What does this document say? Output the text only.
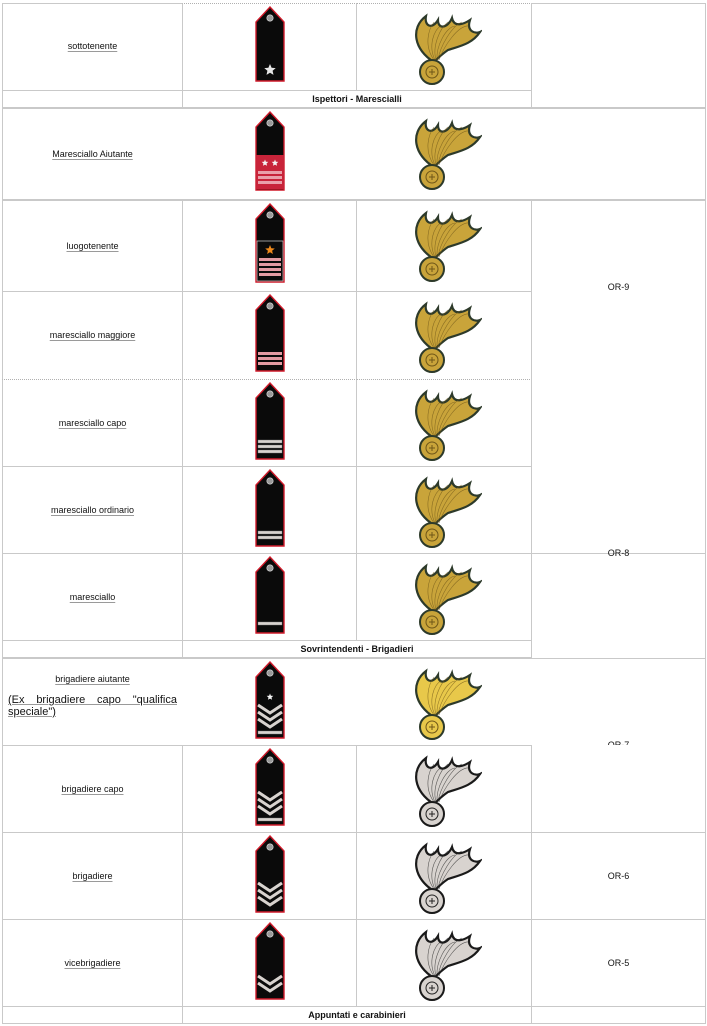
sottotenente
Ispettori - Marescialli
Maresciallo Aiutante
luogotenente
OR-9
maresciallo maggiore
maresciallo capo
OR-8
maresciallo ordinario
maresciallo
Sovrintendenti - Brigadieri
brigadiere aiutante
(Ex brigadiere capo "qualifica speciale")
brigadiere capo
brigadiere	OR-6
vicebrigadiere	OR-5
Appuntati e carabinieri
